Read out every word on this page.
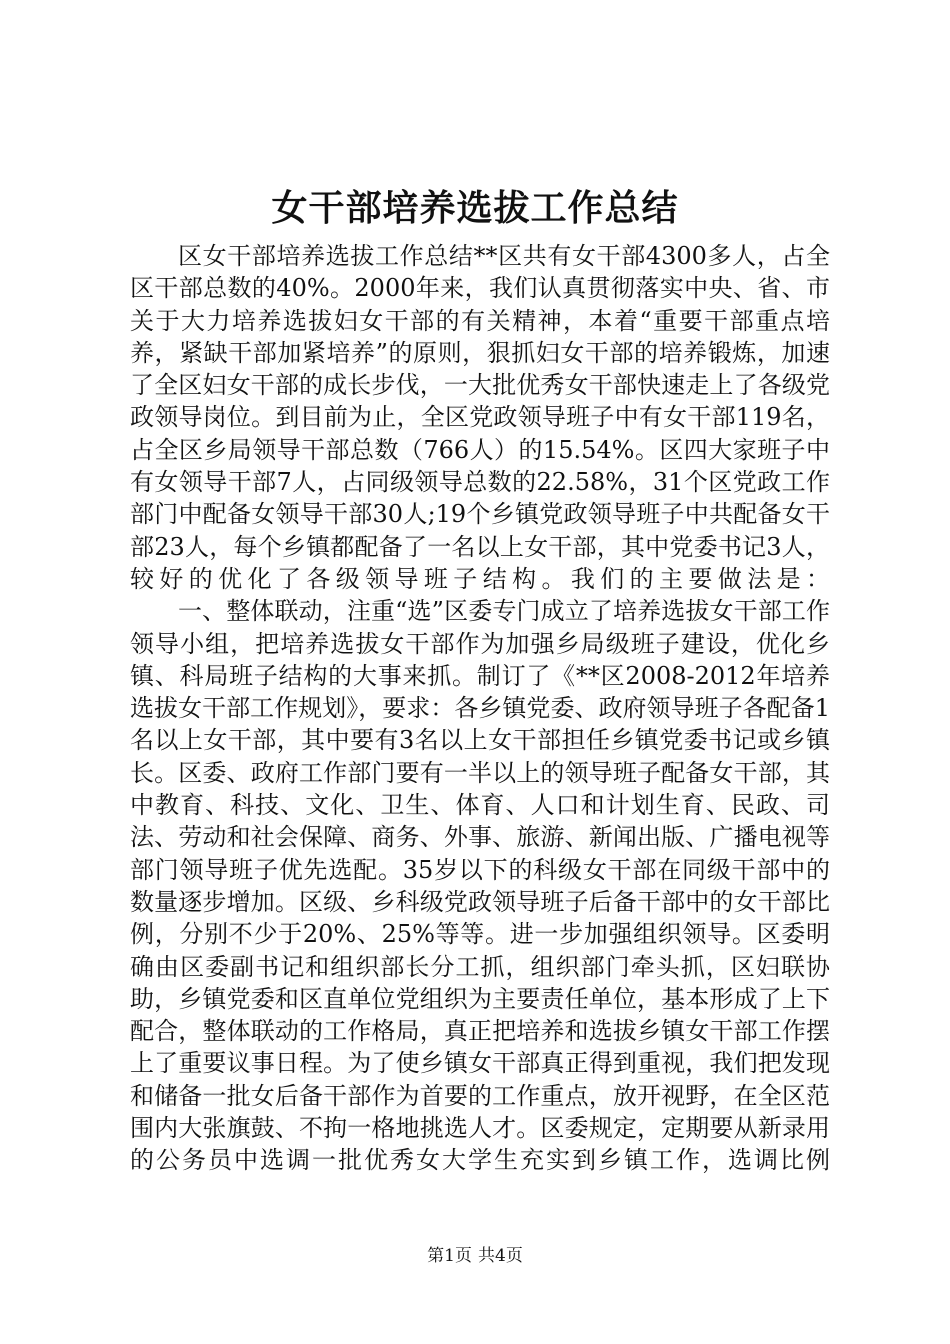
女干部培养选拔工作总结

区女干部培养选拔工作总结**区共有女干部4300多人，占全区干部总数的40%。2000年来，我们认真贯彻落实中央、省、市关于大力培养选拔妇女干部的有关精神，本着“重要干部重点培养，紧缺干部加紧培养”的原则，狠抓妇女干部的培养锻炼，加速了全区妇女干部的成长步伐，一大批优秀女干部快速走上了各级党政领导岗位。到目前为止，全区党政领导班子中有女干部119名，占全区乡局领导干部总数（766人）的15.54%。区四大家班子中有女领导干部7人，占同级领导总数的22.58%，31个区党政工作部门中配备女领导干部30人;19个乡镇党政领导班子中共配备女干部23人，每个乡镇都配备了一名以上女干部，其中党委书记3人，较好的优化了各级领导班子结构。我们的主要做法是：

一、整体联动，注重“选”区委专门成立了培养选拔女干部工作领导小组，把培养选拔女干部作为加强乡局级班子建设，优化乡镇、科局班子结构的大事来抓。制订了《**区2008-2012年培养选拔女干部工作规划》，要求：各乡镇党委、政府领导班子各配备1名以上女干部，其中要有3名以上女干部担任乡镇党委书记或乡镇长。区委、政府工作部门要有一半以上的领导班子配备女干部，其中教育、科技、文化、卫生、体育、人口和计划生育、民政、司法、劳动和社会保障、商务、外事、旅游、新闻出版、广播电视等部门领导班子优先选配。35岁以下的科级女干部在同级干部中的数量逐步增加。区级、乡科级党政领导班子后备干部中的女干部比例，分别不少于20%、25%等等。进一步加强组织领导。区委明确由区委副书记和组织部长分工抓，组织部门牵头抓，区妇联协助，乡镇党委和区直单位党组织为主要责任单位，基本形成了上下配合，整体联动的工作格局，真正把培养和选拔乡镇女干部工作摆上了重要议事日程。为了使乡镇女干部真正得到重视，我们把发现和储备一批女后备干部作为首要的工作重点，放开视野，在全区范围内大张旗鼓、不拘一格地挑选人才。区委规定，定期要从新录用的公务员中选调一批优秀女大学生充实到乡镇工作，选调比例

第1页 共4页
